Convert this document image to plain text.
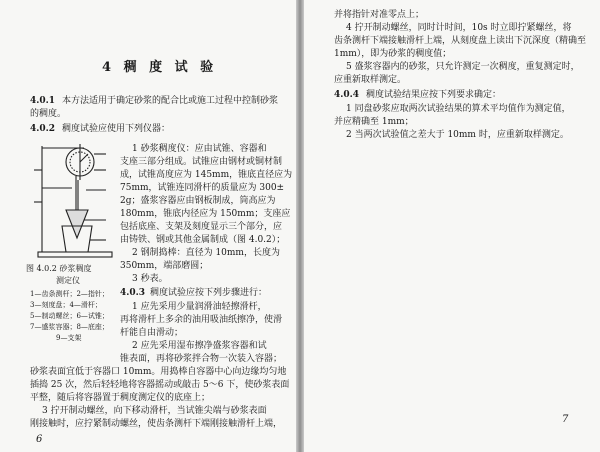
4 稠 度 试 验
4.0.1 本方法适用于确定砂浆的配合比或施工过程中控制砂浆
的稠度。
4.0.2 稠度试验应使用下列仪器：
图 4.0.2 砂浆稠度
测定仪
1—齿条测杆；2—指针；
3—刻度盘；4—滑杆；
5—制动螺丝；6—试锥；
7—盛浆容器；8—底座；
9—支架
1 砂浆稠度仪：应由试锥、容器和
支座三部分组成。试锥应由钢材或铜材制
成，试锥高度应为 145mm，锥底直径应为
75mm，试锥连同滑杆的质量应为 300±
2g；盛浆容器应由钢板制成，筒高应为
180mm，锥底内径应为 150mm；支座应
包括底座、支架及刻度显示三个部分，应
由铸铁、钢或其他金属制成（图 4.0.2）；
2 钢制捣棒：直径为 10mm，长度为
350mm，端部磨圆；
3 秒表。
4.0.3 稠度试验应按下列步骤进行：
1 应先采用少量润滑油轻擦滑杆，
再将滑杆上多余的油用吸油纸擦净，使滑
杆能自由滑动；
2 应先采用湿布擦净盛浆容器和试
锥表面，再将砂浆拌合物一次装入容器；
砂浆表面宜低于容器口 10mm。用捣棒自容器中心向边缘均匀地
插捣 25 次，然后轻轻地将容器摇动或敲击 5～6 下，使砂浆表面
平整，随后将容器置于稠度测定仪的底座上；
3 拧开制动螺丝，向下移动滑杆，当试锥尖端与砂浆表面
刚接触时，应拧紧制动螺丝，使齿条测杆下端刚接触滑杆上端，
6
并将指针对准零点上；
4 拧开制动螺丝，同时计时间，10s 时立即拧紧螺丝，将
齿条测杆下端接触滑杆上端，从刻度盘上读出下沉深度（精确至
1mm），即为砂浆的稠度值；
5 盛浆容器内的砂浆，只允许测定一次稠度，重复测定时，
应重新取样测定。
4.0.4 稠度试验结果应按下列要求确定：
1 同盘砂浆应取两次试验结果的算术平均值作为测定值，
并应精确至 1mm；
2 当两次试验值之差大于 10mm 时，应重新取样测定。
7
